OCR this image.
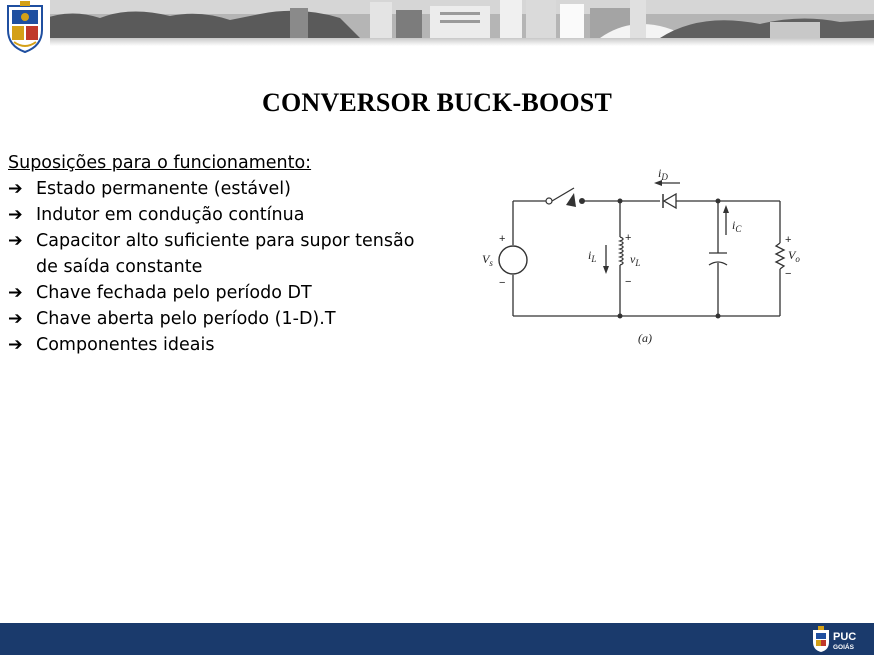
CONVERSOR BUCK-BOOST
Suposições para o funcionamento:
➔ Estado permanente (estável)
➔ Indutor em condução contínua
➔ Capacitor alto suficiente para supor tensão de saída constante
➔ Chave fechada pelo período DT
➔ Chave aberta pelo período (1-D).T
➔ Componentes ideais
$i_D$
$i_C$
$i_L$	$v_L$
$V_s$
$V_o$
+
−
+
−
+
−
(a)
PUC
GOIÁS
